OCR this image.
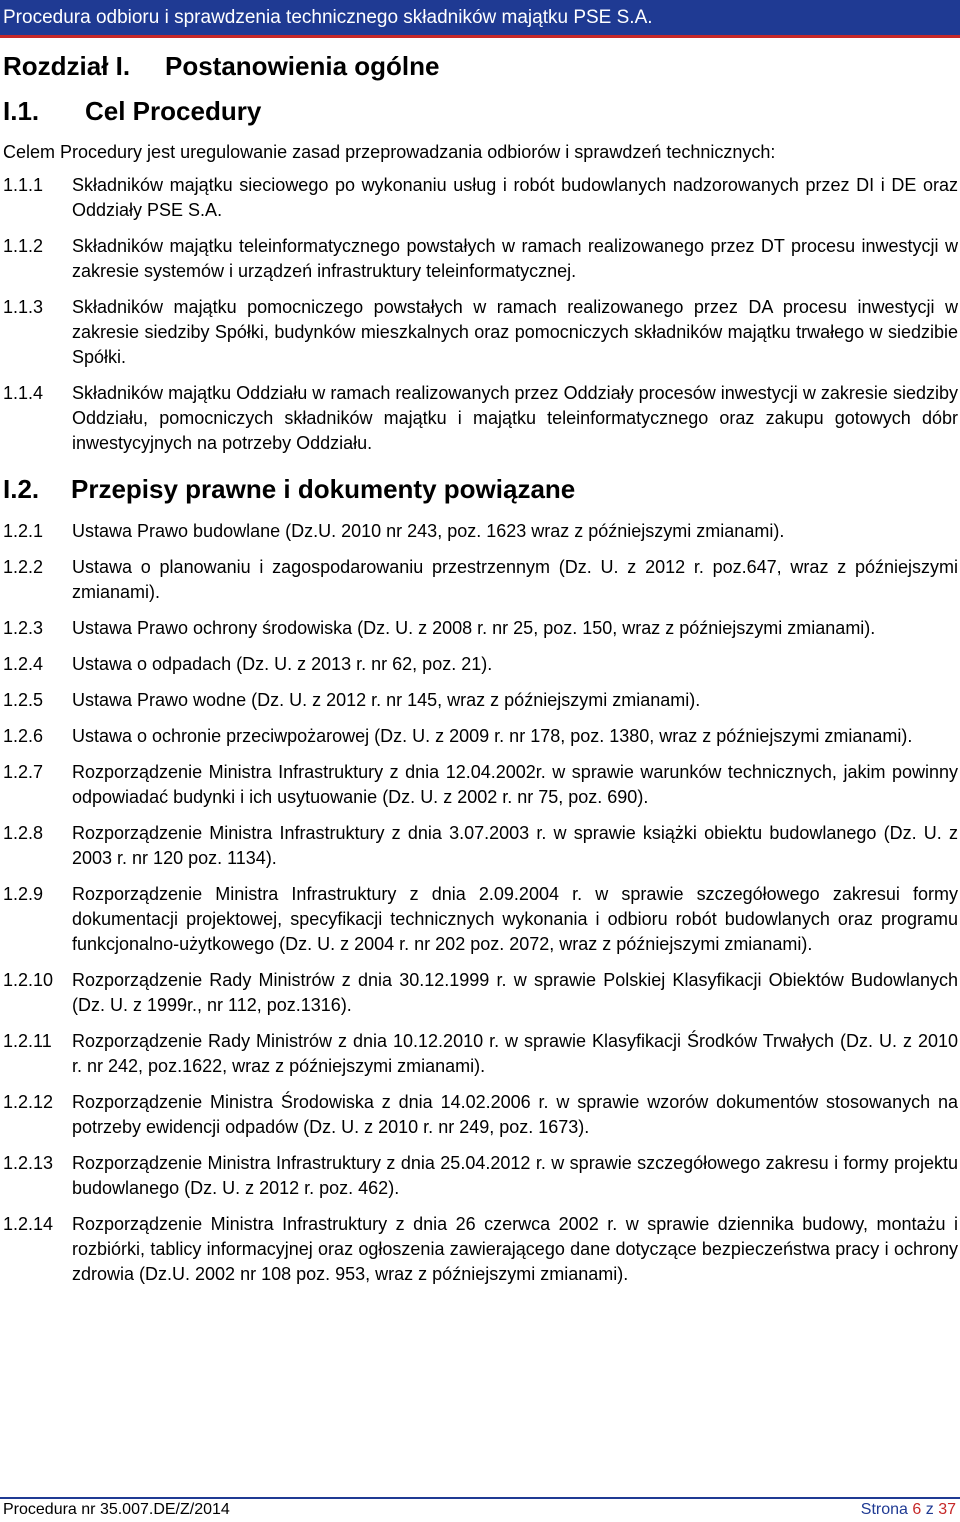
Procedura odbioru i sprawdzenia technicznego składników majątku PSE S.A.
Rozdział I. Postanowienia ogólne
I.1. Cel Procedury
Celem Procedury jest uregulowanie zasad przeprowadzania odbiorów i sprawdzeń technicznych:
1.1.1	Składników majątku sieciowego po wykonaniu usług i robót budowlanych nadzorowanych przez DI i DE oraz Oddziały PSE S.A.
1.1.2	Składników majątku teleinformatycznego powstałych w ramach realizowanego przez DT procesu inwestycji w zakresie systemów i urządzeń infrastruktury teleinformatycznej.
1.1.3	Składników majątku pomocniczego powstałych w ramach realizowanego przez DA procesu inwestycji w zakresie siedziby Spółki, budynków mieszkalnych oraz pomocniczych składników majątku trwałego w siedzibie Spółki.
1.1.4	Składników majątku Oddziału w ramach realizowanych przez Oddziały procesów inwestycji w zakresie siedziby Oddziału, pomocniczych składników majątku i majątku teleinformatycznego oraz zakupu gotowych dóbr inwestycyjnych na potrzeby Oddziału.
I.2. Przepisy prawne i dokumenty powiązane
1.2.1	Ustawa Prawo budowlane (Dz.U. 2010 nr 243, poz. 1623 wraz z późniejszymi zmianami).
1.2.2	Ustawa o planowaniu i zagospodarowaniu przestrzennym (Dz. U. z 2012 r. poz.647, wraz z późniejszymi zmianami).
1.2.3	Ustawa Prawo ochrony środowiska (Dz. U. z 2008 r. nr 25, poz. 150, wraz z późniejszymi zmianami).
1.2.4	Ustawa o odpadach (Dz. U. z 2013 r. nr 62, poz. 21).
1.2.5	Ustawa Prawo wodne (Dz. U. z 2012 r. nr 145, wraz z późniejszymi zmianami).
1.2.6	Ustawa o ochronie przeciwpożarowej (Dz. U. z 2009 r. nr 178, poz. 1380, wraz z późniejszymi zmianami).
1.2.7	Rozporządzenie Ministra Infrastruktury z dnia 12.04.2002r. w sprawie warunków technicznych, jakim powinny odpowiadać budynki i ich usytuowanie (Dz. U. z 2002 r. nr 75, poz. 690).
1.2.8	Rozporządzenie Ministra Infrastruktury z dnia 3.07.2003 r. w sprawie książki obiektu budowlanego (Dz. U. z 2003 r. nr 120 poz. 1134).
1.2.9	Rozporządzenie Ministra Infrastruktury z dnia 2.09.2004 r. w sprawie szczegółowego zakresui formy dokumentacji projektowej, specyfikacji technicznych wykonania i odbioru robót budowlanych oraz programu funkcjonalno-użytkowego (Dz. U. z 2004 r. nr 202 poz. 2072, wraz z późniejszymi zmianami).
1.2.10	Rozporządzenie Rady Ministrów z dnia 30.12.1999 r. w sprawie Polskiej Klasyfikacji Obiektów Budowlanych (Dz. U. z 1999r., nr 112, poz.1316).
1.2.11	Rozporządzenie Rady Ministrów z dnia 10.12.2010 r. w sprawie Klasyfikacji Środków Trwałych (Dz. U. z 2010 r. nr 242, poz.1622, wraz z późniejszymi zmianami).
1.2.12	Rozporządzenie Ministra Środowiska z dnia 14.02.2006 r. w sprawie wzorów dokumentów stosowanych na potrzeby ewidencji odpadów (Dz. U. z 2010 r. nr 249, poz. 1673).
1.2.13	Rozporządzenie Ministra Infrastruktury z dnia 25.04.2012 r. w sprawie szczegółowego zakresu i formy projektu budowlanego (Dz. U. z 2012 r. poz. 462).
1.2.14	Rozporządzenie Ministra Infrastruktury z dnia 26 czerwca 2002 r. w sprawie dziennika budowy, montażu i rozbiórki, tablicy informacyjnej oraz ogłoszenia zawierającego dane dotyczące bezpieczeństwa pracy i ochrony zdrowia (Dz.U. 2002 nr 108 poz. 953, wraz z późniejszymi zmianami).
Procedura nr 35.007.DE/Z/2014	Strona 6 z 37
